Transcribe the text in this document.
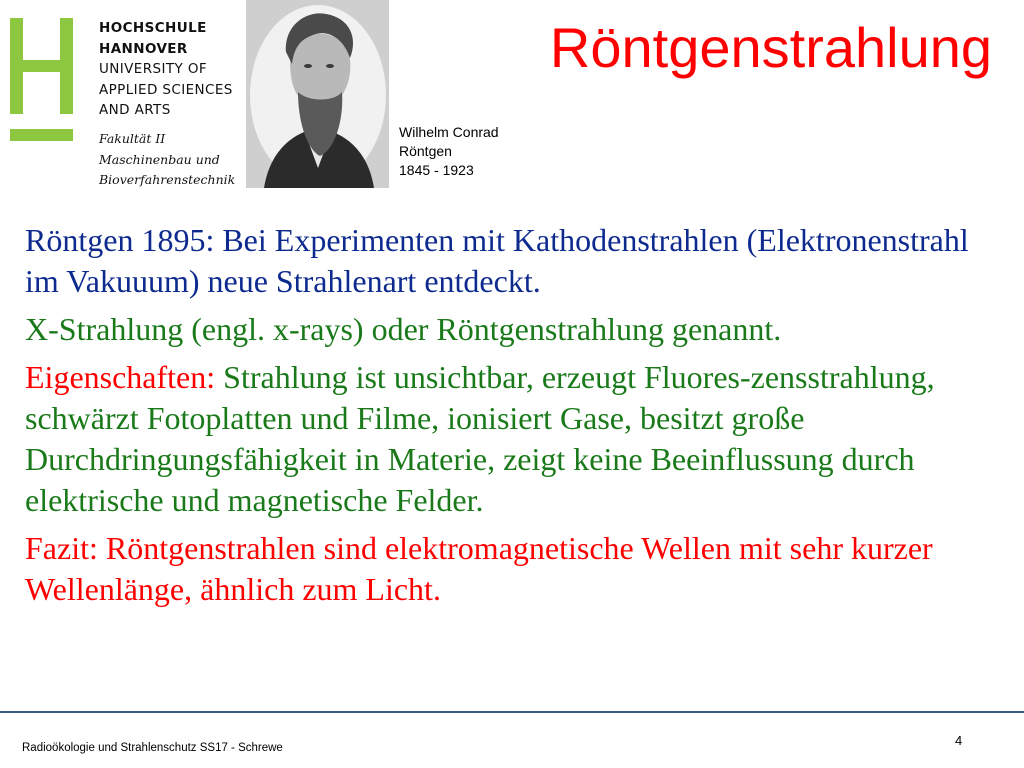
HOCHSCHULE
HANNOVER
UNIVERSITY OF
APPLIED SCIENCES
AND ARTS
Fakultät II
Maschinenbau und
Bioverfahrenstechnik
Wilhelm Conrad
Röntgen
1845 - 1923
Röntgenstrahlung

Röntgen 1895: Bei Experimenten mit Kathodenstrahlen (Elektronenstrahl im Vakuuum) neue Strahlenart entdeckt.

X-Strahlung (engl. x-rays) oder Röntgenstrahlung genannt.

Eigenschaften: Strahlung ist unsichtbar, erzeugt Fluores-zensstrahlung, schwärzt Fotoplatten und Filme, ionisiert Gase, besitzt große Durchdringungsfähigkeit in Materie, zeigt keine Beeinflussung durch elektrische und magnetische Felder.

Fazit: Röntgenstrahlen sind elektromagnetische Wellen mit sehr kurzer Wellenlänge, ähnlich zum Licht.

Radioökologie und Strahlenschutz SS17 - Schrewe	4
